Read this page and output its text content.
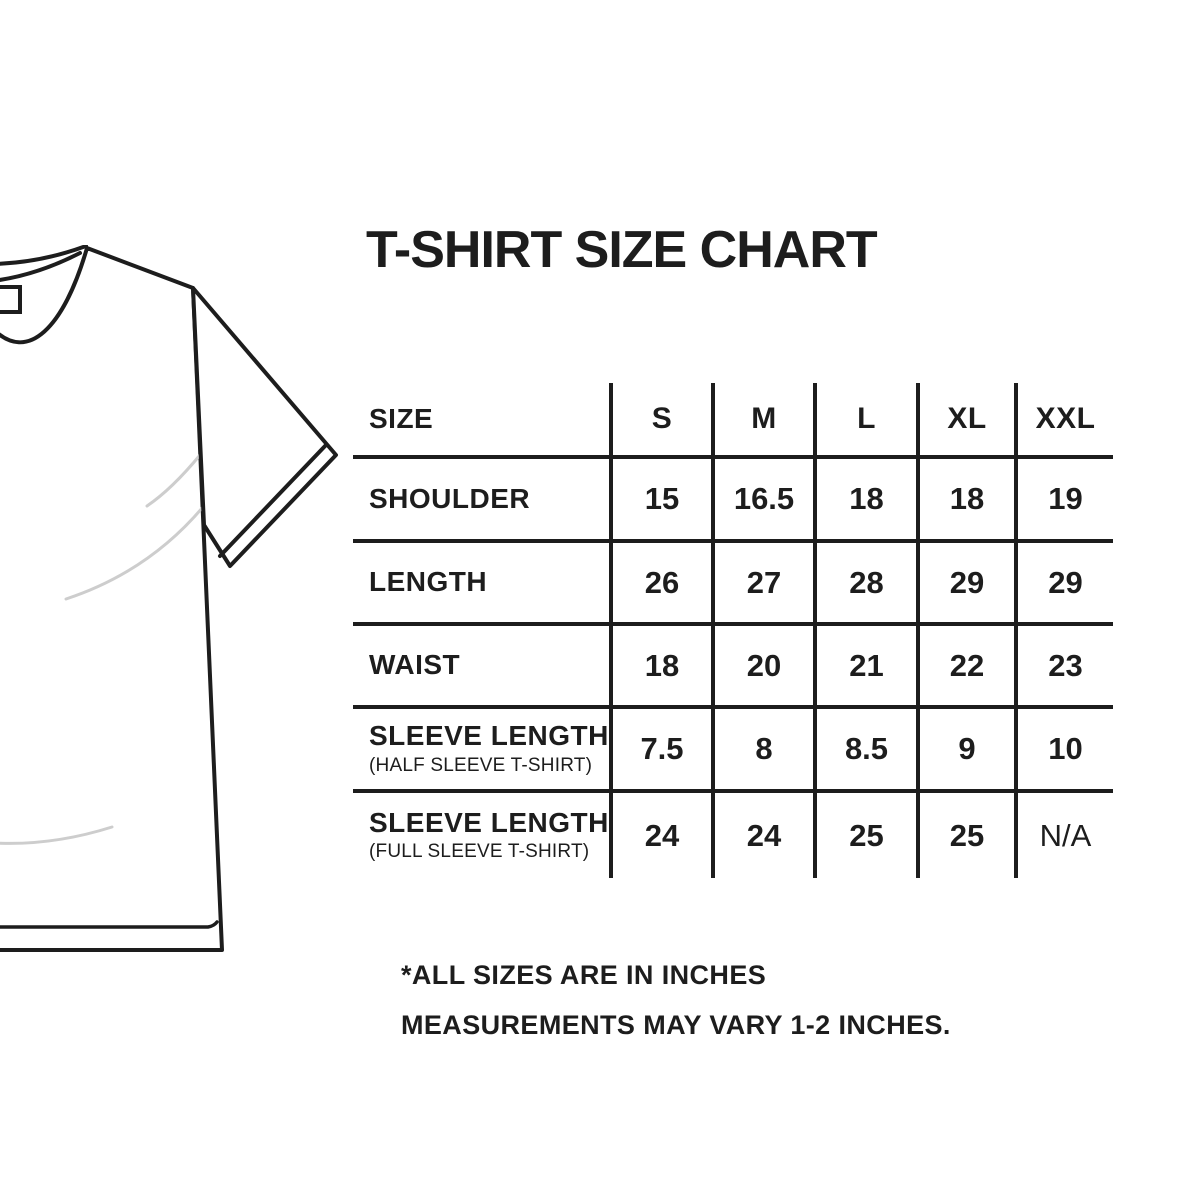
T-SHIRT SIZE CHART
SIZE	S	M	L	XL	XXL
SHOULDER	15	16.5	18	18	19
LENGTH	26	27	28	29	29
WAIST	18	20	21	22	23
SLEEVE LENGTH
(HALF SLEEVE T-SHIRT)	7.5	8	8.5	9	10
SLEEVE LENGTH
(FULL SLEEVE T-SHIRT)	24	24	25	25	N/A
*ALL SIZES ARE IN INCHES
MEASUREMENTS MAY VARY 1-2 INCHES.
